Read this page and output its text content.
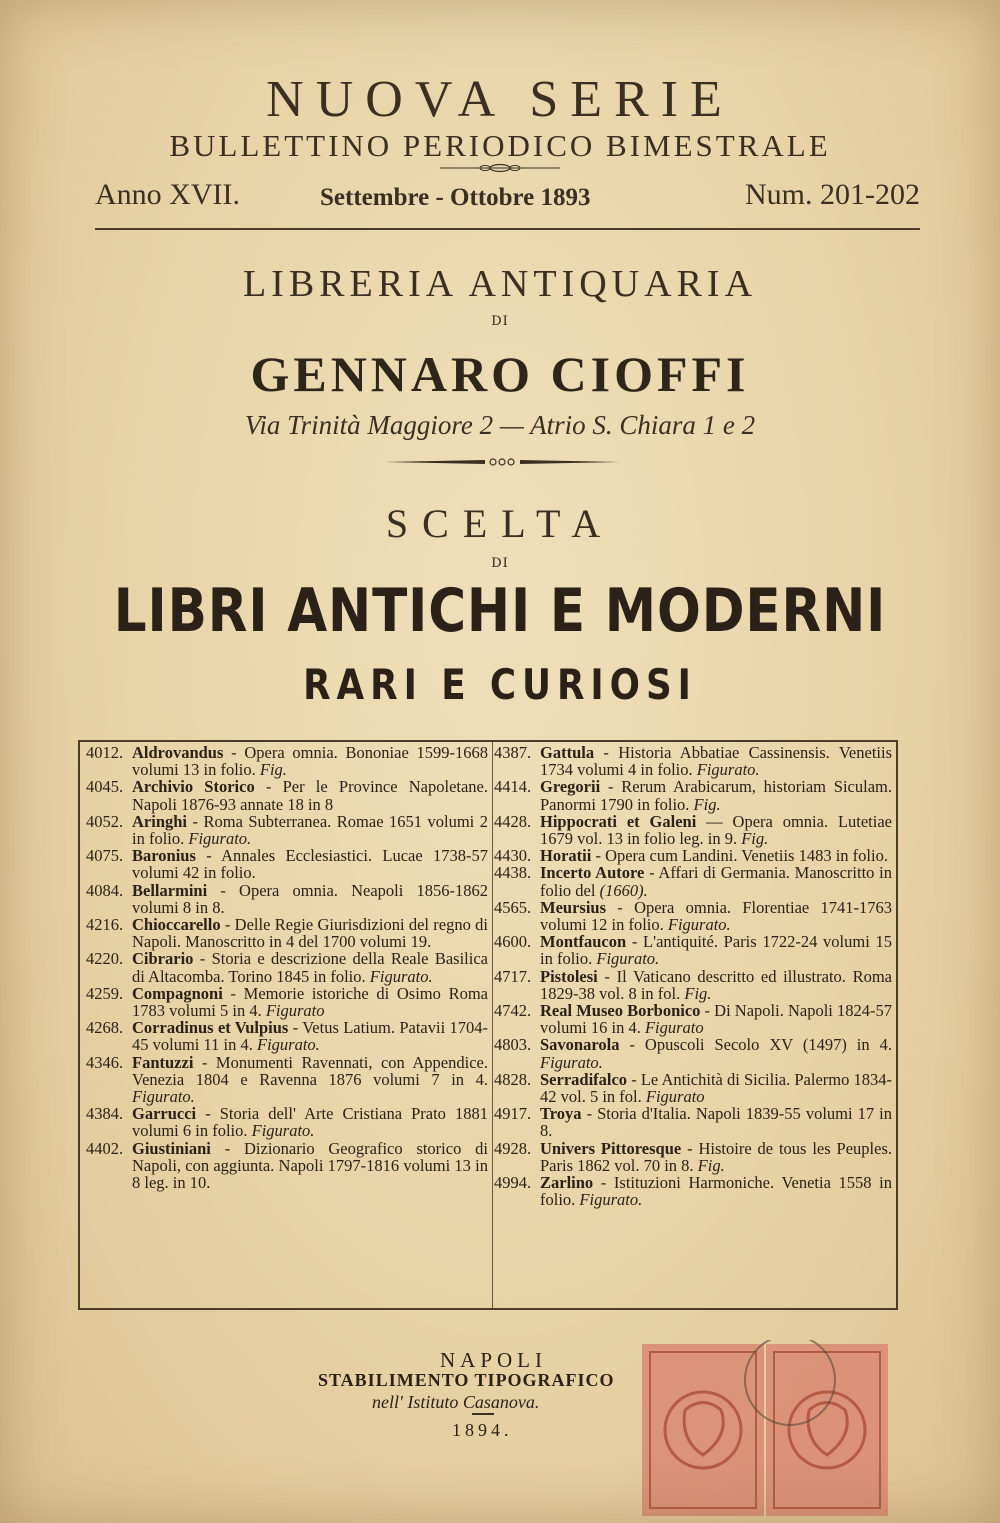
NUOVA SERIE
BULLETTINO PERIODICO BIMESTRALE
Anno XVII.	Settembre - Ottobre 1893	Num. 201-202
LIBRERIA ANTIQUARIA
DI
GENNARO CIOFFI
Via Trinità Maggiore 2 — Atrio S. Chiara 1 e 2
SCELTA
DI
LIBRI ANTICHI E MODERNI
RARI E CURIOSI

4012. Aldrovandus - Opera omnia. Bononiae 1599-1668 volumi 13 in folio. Fig.

4045. Archivio Storico - Per le Province Napoletane. Napoli 1876-93 annate 18 in 8

4052. Aringhi - Roma Subterranea. Romae 1651 volumi 2 in folio. Figurato.

4075. Baronius - Annales Ecclesiastici. Lucae 1738-57 volumi 42 in folio.

4084. Bellarmini - Opera omnia. Neapoli 1856-1862 volumi 8 in 8.

4216. Chioccarello - Delle Regie Giurisdizioni del regno di Napoli. Manoscritto in 4 del 1700 volumi 19.

4220. Cibrario - Storia e descrizione della Reale Basilica di Altacomba. Torino 1845 in folio. Figurato.

4259. Compagnoni - Memorie istoriche di Osimo Roma 1783 volumi 5 in 4. Figurato

4268. Corradinus et Vulpius - Vetus Latium. Patavii 1704-45 volumi 11 in 4. Figurato.

4346. Fantuzzi - Monumenti Ravennati, con Appendice. Venezia 1804 e Ravenna 1876 volumi 7 in 4. Figurato.

4384. Garrucci - Storia dell' Arte Cristiana Prato 1881 volumi 6 in folio. Figurato.

4402. Giustiniani - Dizionario Geografico storico di Napoli, con aggiunta. Napoli 1797-1816 volumi 13 in 8 leg. in 10.

4387. Gattula - Historia Abbatiae Cassinensis. Venetiis 1734 volumi 4 in folio. Figurato.

4414. Gregorii - Rerum Arabicarum, historiam Siculam. Panormi 1790 in folio. Fig.

4428. Hippocrati et Galeni — Opera omnia. Lutetiae 1679 vol. 13 in folio leg. in 9. Fig.

4430. Horatii - Opera cum Landini. Venetiis 1483 in folio.

4438. Incerto Autore - Affari di Germania. Manoscritto in folio del (1660).

4565. Meursius - Opera omnia. Florentiae 1741-1763 volumi 12 in folio. Figurato.

4600. Montfaucon - L'antiquité. Paris 1722-24 volumi 15 in folio. Figurato.

4717. Pistolesi - Il Vaticano descritto ed illustrato. Roma 1829-38 vol. 8 in fol. Fig.

4742. Real Museo Borbonico - Di Napoli. Napoli 1824-57 volumi 16 in 4. Figurato

4803. Savonarola - Opuscoli Secolo XV (1497) in 4. Figurato.

4828. Serradifalco - Le Antichità di Sicilia. Palermo 1834-42 vol. 5 in fol. Figurato

4917. Troya - Storia d'Italia. Napoli 1839-55 volumi 17 in 8.

4928. Univers Pittoresque - Histoire de tous les Peuples. Paris 1862 vol. 70 in 8. Fig.

4994. Zarlino - Istituzioni Harmoniche. Venetia 1558 in folio. Figurato.

NAPOLI
STABILIMENTO TIPOGRAFICO
nell' Istituto Casanova.
1894.
